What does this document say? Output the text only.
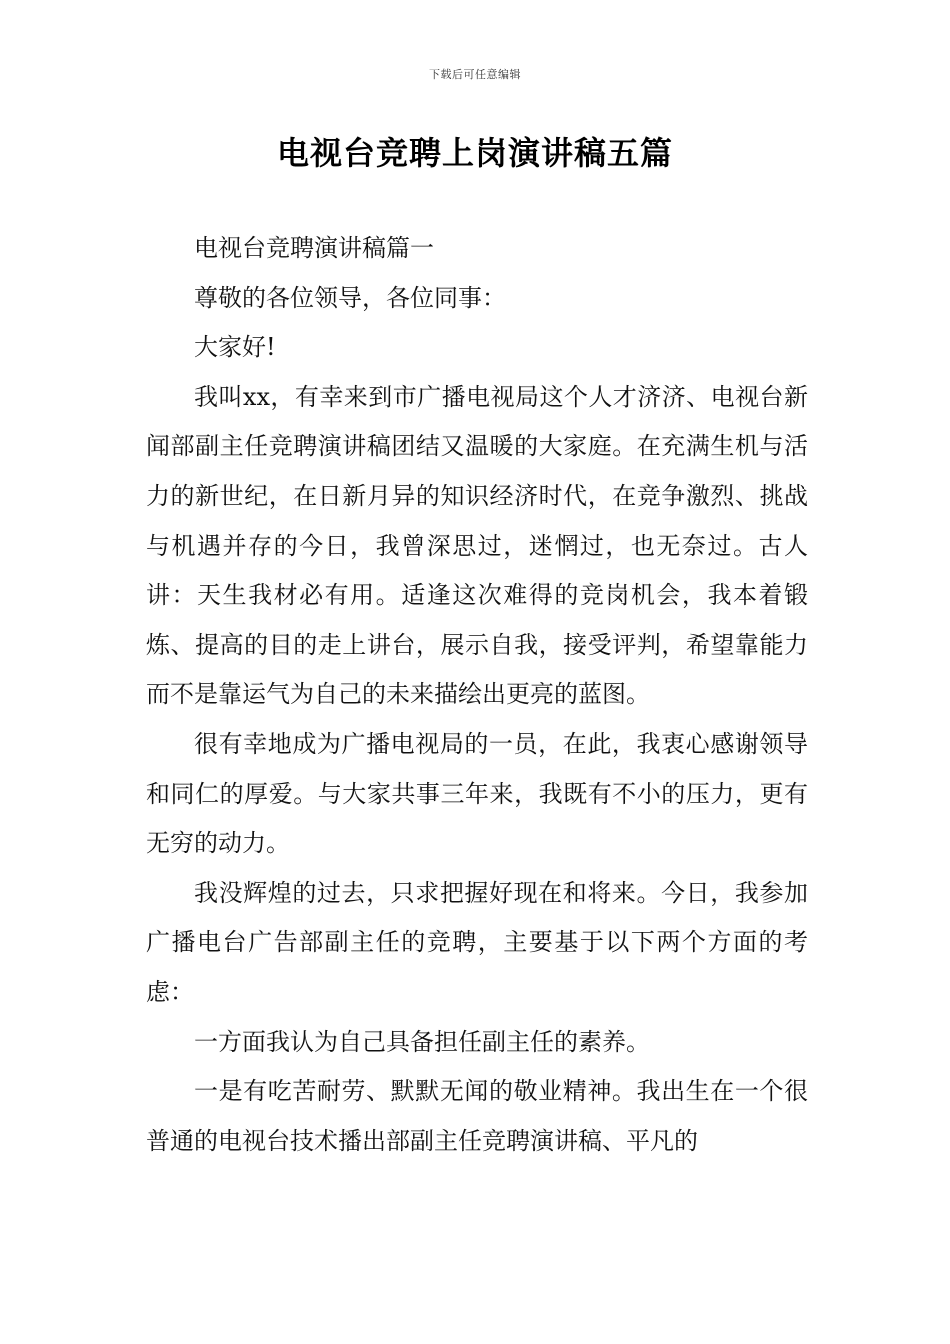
下载后可任意编辑
电视台竞聘上岗演讲稿五篇

电视台竞聘演讲稿篇一

尊敬的各位领导，各位同事：

大家好!

我叫xx，有幸来到市广播电视局这个人才济济、电视台新闻部副主任竞聘演讲稿团结又温暖的大家庭。在充满生机与活力的新世纪，在日新月异的知识经济时代，在竞争激烈、挑战与机遇并存的今日，我曾深思过，迷惘过，也无奈过。古人讲：天生我材必有用。适逢这次难得的竞岗机会，我本着锻炼、提高的目的走上讲台，展示自我，接受评判，希望靠能力而不是靠运气为自己的未来描绘出更亮的蓝图。

很有幸地成为广播电视局的一员，在此，我衷心感谢领导和同仁的厚爱。与大家共事三年来，我既有不小的压力，更有无穷的动力。

我没辉煌的过去，只求把握好现在和将来。今日，我参加广播电台广告部副主任的竞聘，主要基于以下两个方面的考虑：

一方面我认为自己具备担任副主任的素养。

一是有吃苦耐劳、默默无闻的敬业精神。我出生在一个很普通的电视台技术播出部副主任竞聘演讲稿、平凡的
